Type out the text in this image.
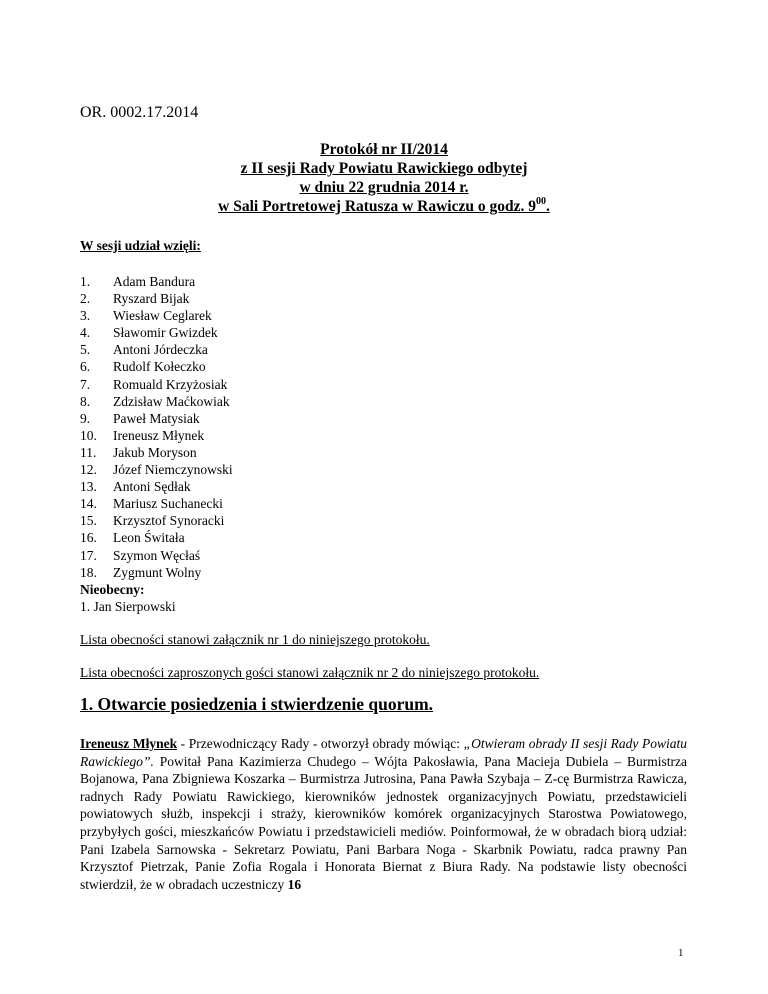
OR. 0002.17.2014
Protokół nr II/2014
z II sesji Rady Powiatu Rawickiego odbytej
w dniu 22 grudnia 2014 r.
w Sali Portretowej Ratusza w Rawiczu o godz. $9^{00}$.
W sesji udział wzięli:
1. Adam Bandura
2. Ryszard Bijak
3. Wiesław Ceglarek
4. Sławomir Gwizdek
5. Antoni Jórdeczka
6. Rudolf Kołeczko
7. Romuald Krzyżosiak
8. Zdzisław Maćkowiak
9. Paweł Matysiak
10. Ireneusz Młynek
11. Jakub Moryson
12. Józef Niemczynowski
13. Antoni Sędłak
14. Mariusz Suchanecki
15. Krzysztof Synoracki
16. Leon Świtała
17. Szymon Węcłaś
18. Zygmunt Wolny
Nieobecny:
1. Jan Sierpowski
Lista obecności stanowi załącznik nr 1 do niniejszego protokołu.
Lista obecności zaproszonych gości stanowi załącznik nr 2 do niniejszego protokołu.
1. Otwarcie posiedzenia i stwierdzenie quorum.
Ireneusz Młynek - Przewodniczący Rady - otworzył obrady mówiąc: „Otwieram obrady II sesji Rady Powiatu Rawickiego”. Powitał Pana Kazimierza Chudego – Wójta Pakosławia, Pana Macieja Dubiela – Burmistrza Bojanowa, Pana Zbigniewa Koszarka – Burmistrza Jutrosina, Pana Pawła Szybaja – Z-cę Burmistrza Rawicza, radnych Rady Powiatu Rawickiego, kierowników jednostek organizacyjnych Powiatu, przedstawicieli powiatowych służb, inspekcji i straży, kierowników komórek organizacyjnych Starostwa Powiatowego, przybyłych gości, mieszkańców Powiatu i przedstawicieli mediów. Poinformował, że w obradach biorą udział: Pani Izabela Sarnowska - Sekretarz Powiatu, Pani Barbara Noga - Skarbnik Powiatu, radca prawny Pan Krzysztof Pietrzak, Panie Zofia Rogala i Honorata Biernat z Biura Rady. Na podstawie listy obecności stwierdził, że w obradach uczestniczy 16
1
